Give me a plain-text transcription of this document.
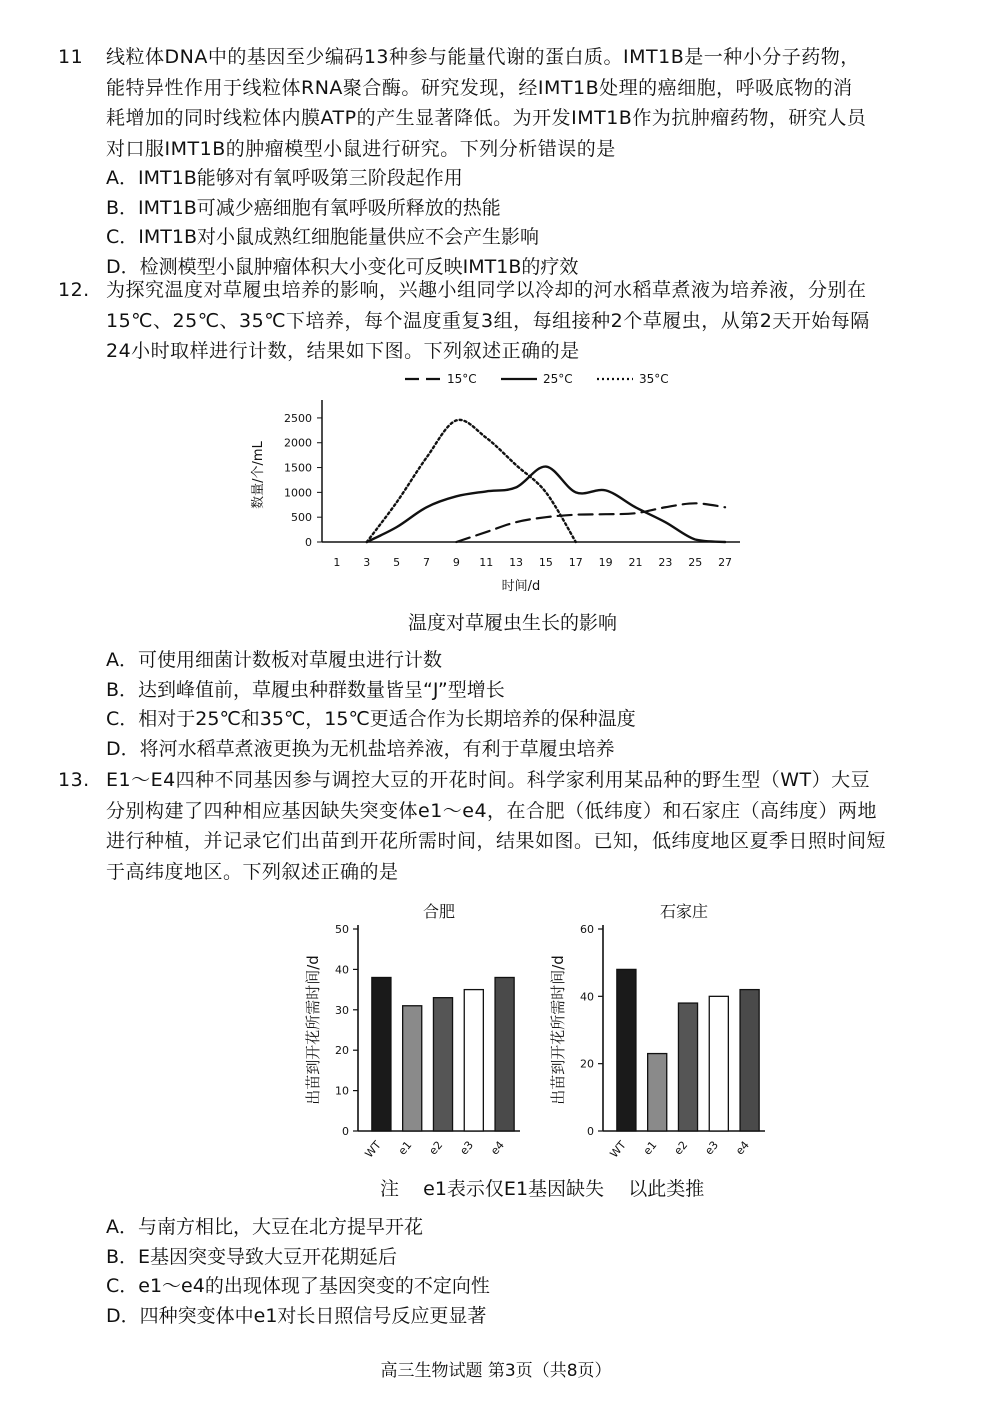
11 线粒体DNA中的基因至少编码13种参与能量代谢的蛋白质。IMT1B是一种小分子药物，
能特异性作用于线粒体RNA聚合酶。研究发现，经IMT1B处理的癌细胞，呼吸底物的消
耗增加的同时线粒体内膜ATP的产生显著降低。为开发IMT1B作为抗肿瘤药物，研究人员
对口服IMT1B的肿瘤模型小鼠进行研究。下列分析错误的是
A．IMT1B能够对有氧呼吸第三阶段起作用
B．IMT1B可减少癌细胞有氧呼吸所释放的热能
C．IMT1B对小鼠成熟红细胞能量供应不会产生影响
D．检测模型小鼠肿瘤体积大小变化可反映IMT1B的疗效
12. 为探究温度对草履虫培养的影响，兴趣小组同学以冷却的河水稻草煮液为培养液，分别在
15℃、25℃、35℃下培养，每个温度重复3组，每组接种2个草履虫，从第2天开始每隔
24小时取样进行计数，结果如下图。下列叙述正确的是
0
500
1000
1500
2000
2500
1 3 5 7 9 11 13 15 17 19 21 23 25 27
时间/d
数量/个/mL
15°C	25°C	35°C
温度对草履虫生长的影响
A．可使用细菌计数板对草履虫进行计数
B．达到峰值前，草履虫种群数量皆呈“J”型增长
C．相对于25℃和35℃，15℃更适合作为长期培养的保种温度
D．将河水稻草煮液更换为无机盐培养液，有利于草履虫培养
13. E1～E4四种不同基因参与调控大豆的开花时间。科学家利用某品种的野生型（WT）大豆
分别构建了四种相应基因缺失突变体e1～e4，在合肥（低纬度）和石家庄（高纬度）两地
进行种植，并记录它们出苗到开花所需时间，结果如图。已知，低纬度地区夏季日照时间短
于高纬度地区。下列叙述正确的是
合肥
0
10
20
30
40
50
出苗到开花所需时间/d
WT e1 e2 e3 e4
石家庄
0
20
40
60
出苗到开花所需时间/d
WT e1 e2 e3 e4
注    e1表示仅E1基因缺失    以此类推
A．与南方相比，大豆在北方提早开花
B．E基因突变导致大豆开花期延后
C．e1～e4的出现体现了基因突变的不定向性
D．四种突变体中e1对长日照信号反应更显著
高三生物试题 第3页（共8页）
